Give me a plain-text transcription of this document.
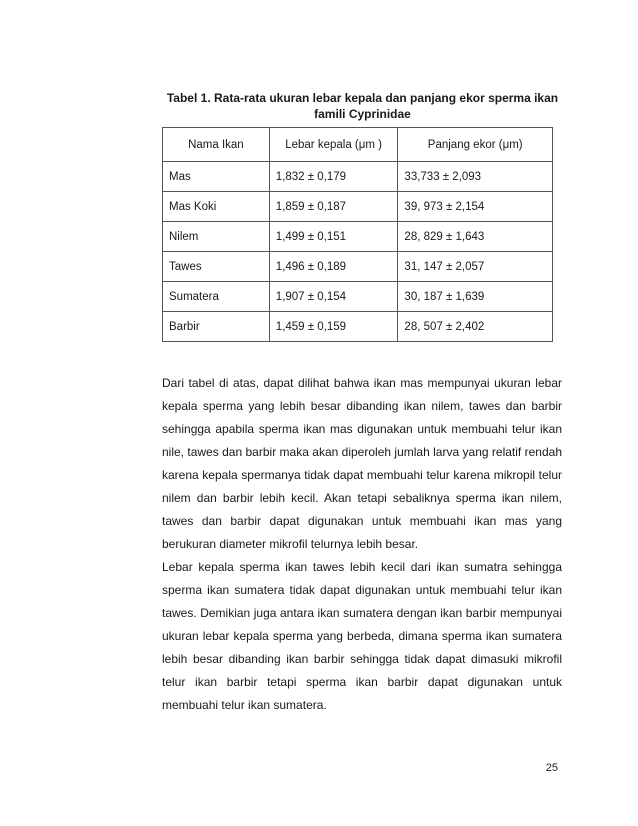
Tabel 1. Rata-rata ukuran lebar kepala dan panjang ekor sperma ikan
famili Cyprinidae
Nama Ikan	Lebar kepala (μm )	Panjang ekor (μm)
Mas	1,832 ± 0,179	33,733 ± 2,093
Mas Koki	1,859 ± 0,187	39, 973 ± 2,154
Nilem	1,499 ± 0,151	28, 829 ± 1,643
Tawes	1,496 ± 0,189	31, 147 ± 2,057
Sumatera	1,907 ± 0,154	30, 187 ± 1,639
Barbir	1,459 ± 0,159	28, 507 ± 2,402

Dari tabel di atas, dapat dilihat bahwa ikan mas mempunyai ukuran lebar kepala sperma yang lebih besar dibanding ikan nilem, tawes dan barbir sehingga apabila sperma ikan mas digunakan untuk membuahi telur ikan nile, tawes dan barbir maka akan diperoleh jumlah larva yang relatif rendah karena kepala spermanya tidak dapat membuahi telur karena mikropil telur nilem dan barbir lebih kecil. Akan tetapi sebaliknya sperma ikan nilem, tawes dan barbir dapat digunakan untuk membuahi ikan mas yang berukuran diameter mikrofil telurnya lebih besar.

Lebar kepala sperma ikan tawes lebih kecil dari ikan sumatra sehingga sperma ikan sumatera tidak dapat digunakan untuk membuahi telur ikan tawes. Demikian juga antara ikan sumatera dengan ikan barbir mempunyai ukuran lebar kepala sperma yang berbeda, dimana sperma ikan sumatera lebih besar dibanding ikan barbir sehingga tidak dapat dimasuki mikrofil telur ikan barbir tetapi sperma ikan barbir dapat digunakan untuk membuahi telur ikan sumatera.

25
